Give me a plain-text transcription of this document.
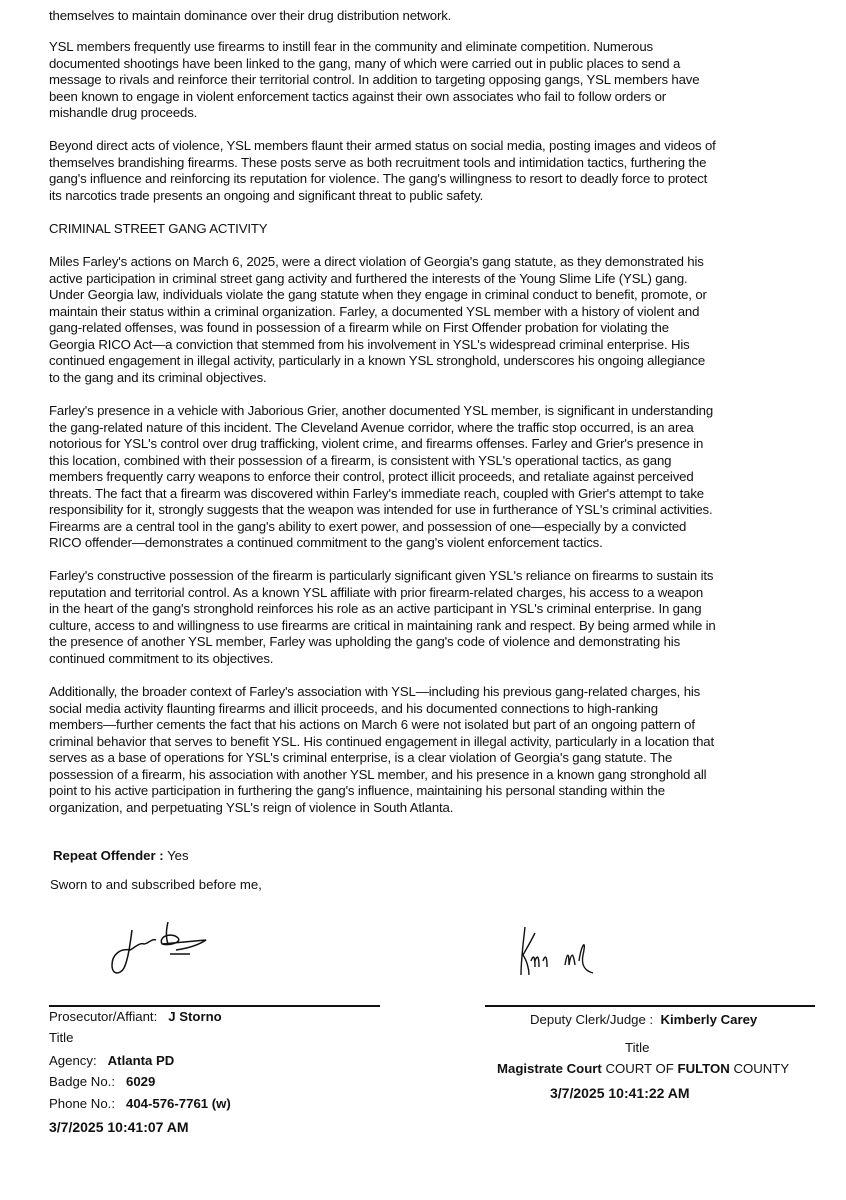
themselves to maintain dominance over their drug distribution network.
YSL members frequently use firearms to instill fear in the community and eliminate competition. Numerous
documented shootings have been linked to the gang, many of which were carried out in public places to send a
message to rivals and reinforce their territorial control. In addition to targeting opposing gangs, YSL members have
been known to engage in violent enforcement tactics against their own associates who fail to follow orders or
mishandle drug proceeds.
Beyond direct acts of violence, YSL members flaunt their armed status on social media, posting images and videos of
themselves brandishing firearms. These posts serve as both recruitment tools and intimidation tactics, furthering the
gang's influence and reinforcing its reputation for violence. The gang's willingness to resort to deadly force to protect
its narcotics trade presents an ongoing and significant threat to public safety.
CRIMINAL STREET GANG ACTIVITY
Miles Farley's actions on March 6, 2025, were a direct violation of Georgia's gang statute, as they demonstrated his
active participation in criminal street gang activity and furthered the interests of the Young Slime Life (YSL) gang.
Under Georgia law, individuals violate the gang statute when they engage in criminal conduct to benefit, promote, or
maintain their status within a criminal organization. Farley, a documented YSL member with a history of violent and
gang-related offenses, was found in possession of a firearm while on First Offender probation for violating the
Georgia RICO Act—a conviction that stemmed from his involvement in YSL's widespread criminal enterprise. His
continued engagement in illegal activity, particularly in a known YSL stronghold, underscores his ongoing allegiance
to the gang and its criminal objectives.
Farley's presence in a vehicle with Jaborious Grier, another documented YSL member, is significant in understanding
the gang-related nature of this incident. The Cleveland Avenue corridor, where the traffic stop occurred, is an area
notorious for YSL's control over drug trafficking, violent crime, and firearms offenses. Farley and Grier's presence in
this location, combined with their possession of a firearm, is consistent with YSL's operational tactics, as gang
members frequently carry weapons to enforce their control, protect illicit proceeds, and retaliate against perceived
threats. The fact that a firearm was discovered within Farley's immediate reach, coupled with Grier's attempt to take
responsibility for it, strongly suggests that the weapon was intended for use in furtherance of YSL's criminal activities.
Firearms are a central tool in the gang's ability to exert power, and possession of one—especially by a convicted
RICO offender—demonstrates a continued commitment to the gang's violent enforcement tactics.
Farley's constructive possession of the firearm is particularly significant given YSL's reliance on firearms to sustain its
reputation and territorial control. As a known YSL affiliate with prior firearm-related charges, his access to a weapon
in the heart of the gang's stronghold reinforces his role as an active participant in YSL's criminal enterprise. In gang
culture, access to and willingness to use firearms are critical in maintaining rank and respect. By being armed while in
the presence of another YSL member, Farley was upholding the gang's code of violence and demonstrating his
continued commitment to its objectives.
Additionally, the broader context of Farley's association with YSL—including his previous gang-related charges, his
social media activity flaunting firearms and illicit proceeds, and his documented connections to high-ranking
members—further cements the fact that his actions on March 6 were not isolated but part of an ongoing pattern of
criminal behavior that serves to benefit YSL. His continued engagement in illegal activity, particularly in a location that
serves as a base of operations for YSL's criminal enterprise, is a clear violation of Georgia's gang statute. The
possession of a firearm, his association with another YSL member, and his presence in a known gang stronghold all
point to his active participation in furthering the gang's influence, maintaining his personal standing within the
organization, and perpetuating YSL's reign of violence in South Atlanta.
Repeat Offender : Yes
Sworn to and subscribed before me,
Prosecutor/Affiant: J Storno
Title
Agency: Atlanta PD
Badge No.: 6029
Phone No.: 404-576-7761 (w)
3/7/2025 10:41:07 AM
Deputy Clerk/Judge : Kimberly Carey
Title
Magistrate Court COURT OF FULTON COUNTY
3/7/2025 10:41:22 AM
